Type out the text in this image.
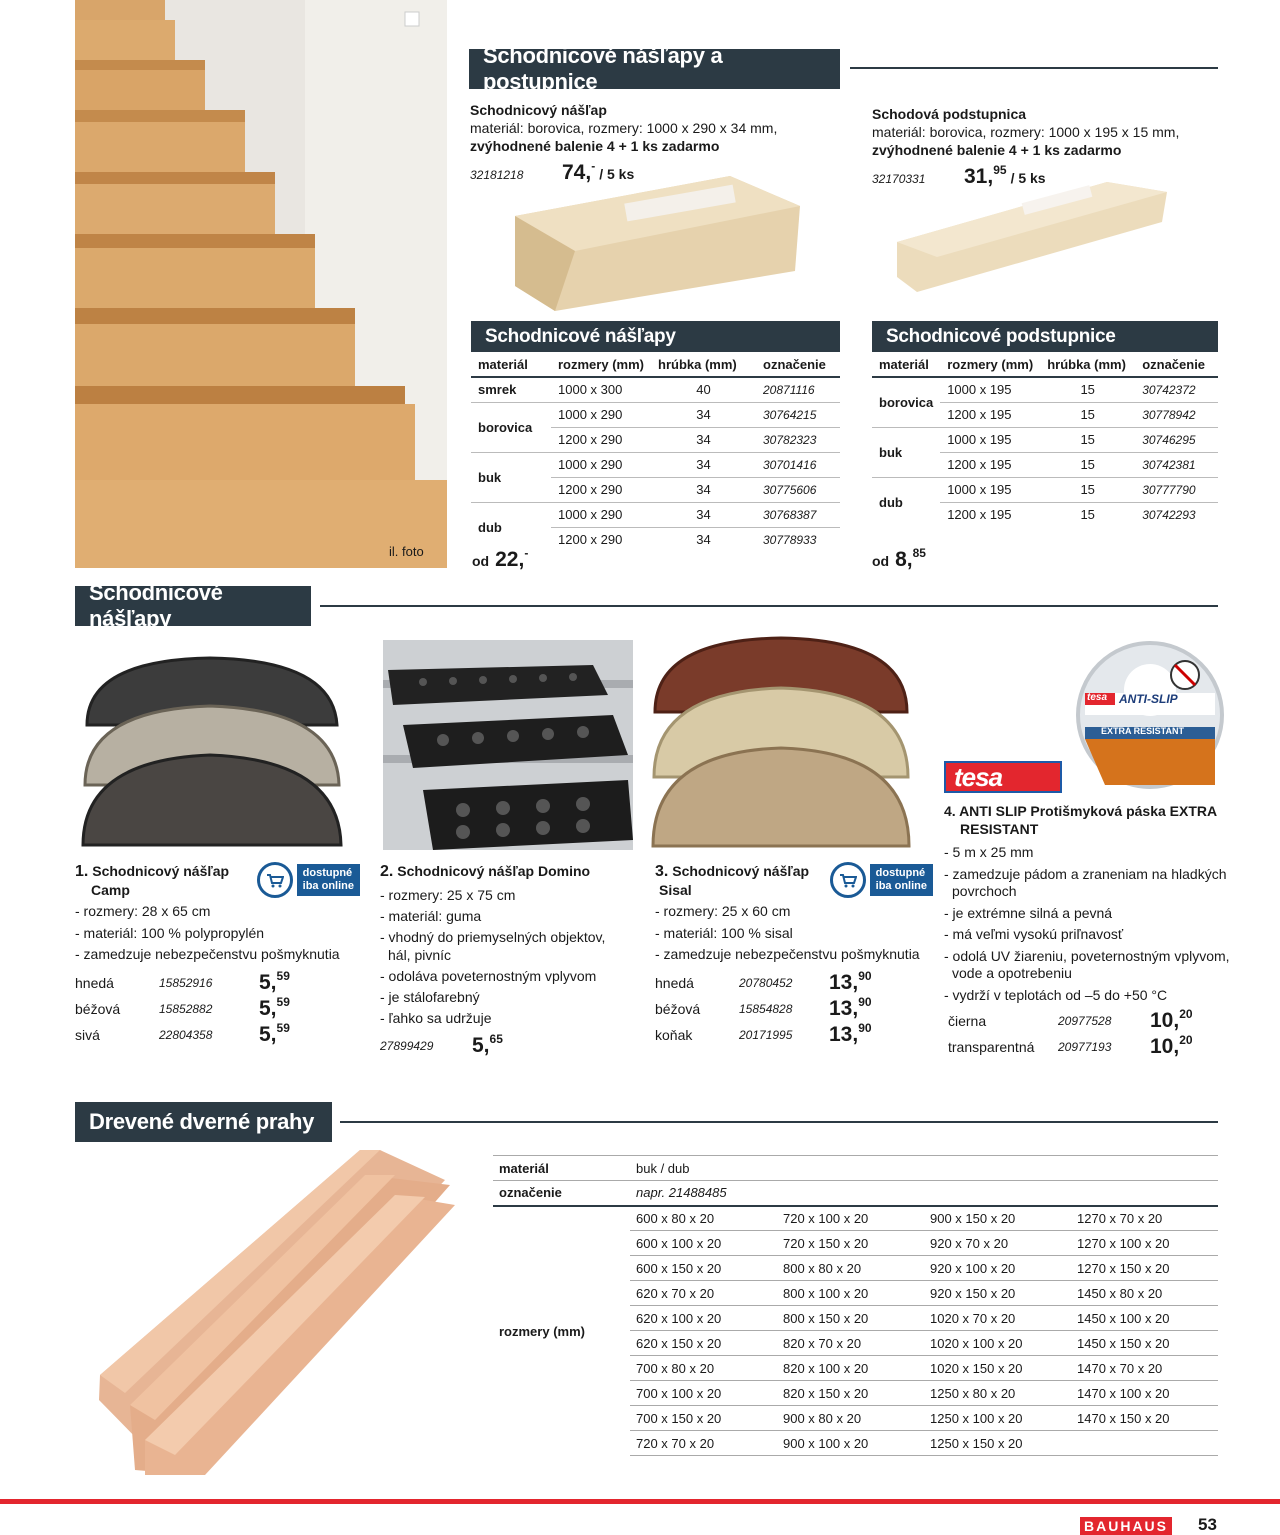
il. foto
Schodnicové nášľapy a postupnice
Schodnicový nášľap
materiál: borovica, rozmery: 1000 x 290 x 34 mm,
zvýhodnené balenie 4 + 1 ks zadarmo
32181218	74,- / 5 ks
Schodová podstupnica
materiál: borovica, rozmery: 1000 x 195 x 15 mm,
zvýhodnené balenie 4 + 1 ks zadarmo
32170331	31,95 / 5 ks
Schodnicové nášľapy
materiál	rozmery (mm)	hrúbka (mm)	označenie
smrek	1000 x 300	40	20871116
borovica	1000 x 290	34	30764215
	1200 x 290	34	30782323
buk	1000 x 290	34	30701416
	1200 x 290	34	30775606
dub	1000 x 290	34	30768387
	1200 x 290	34	30778933
od 22,-
Schodnicové podstupnice
materiál	rozmery (mm)	hrúbka (mm)	označenie
borovica	1000 x 195	15	30742372
	1200 x 195	15	30778942
buk	1000 x 195	15	30746295
	1200 x 195	15	30742381
dub	1000 x 195	15	30777790
	1200 x 195	15	30742293
od 8,85
Schodnicové nášľapy
tesa ANTI-SLIP
EXTRA RESISTANT
tesa
1. Schodnicový nášľap
Camp
dostupné
iba online
- rozmery: 28 x 65 cm
- materiál: 100 % polypropylén
- zamedzuje nebezpečenstvu pošmyknutia
hnedá	15852916	5,59
béžová	15852882	5,59
sivá	22804358	5,59
2. Schodnicový nášľap Domino
- rozmery: 25 x 75 cm
- materiál: guma
- vhodný do priemyselných objektov,
hál, pivníc
- odoláva poveternostným vplyvom
- je stálofarebný
- ľahko sa udržuje
27899429	5,65
3. Schodnicový nášľap
Sisal
dostupné
iba online
- rozmery: 25 x 60 cm
- materiál: 100 % sisal
- zamedzuje nebezpečenstvu pošmyknutia
hnedá	20780452	13,90
béžová	15854828	13,90
koňak	20171995	13,90
4. ANTI SLIP Protišmyková páska EXTRA
RESISTANT
- 5 m x 25 mm
- zamedzuje pádom a zraneniam na hladkých
povrchoch
- je extrémne silná a pevná
- má veľmi vysokú priľnavosť
- odolá UV žiareniu, poveternostným vplyvom,
vode a opotrebeniu
- vydrží v teplotách od –5 do +50 °C
čierna	20977528	10,20
transparentná	20977193	10,20
Drevené dverné prahy
materiál	buk / dub			
označenie	napr. 21488485			
rozmery (mm)	600 x 80 x 20	720 x 100 x 20	900 x 150 x 20	1270 x 70 x 20
	600 x 100 x 20	720 x 150 x 20	920 x 70 x 20	1270 x 100 x 20
	600 x 150 x 20	800 x 80 x 20	920 x 100 x 20	1270 x 150 x 20
	620 x 70 x 20	800 x 100 x 20	920 x 150 x 20	1450 x 80 x 20
	620 x 100 x 20	800 x 150 x 20	1020 x 70 x 20	1450 x 100 x 20
	620 x 150 x 20	820 x 70 x 20	1020 x 100 x 20	1450 x 150 x 20
	700 x 80 x 20	820 x 100 x 20	1020 x 150 x 20	1470 x 70 x 20
	700 x 100 x 20	820 x 150 x 20	1250 x 80 x 20	1470 x 100 x 20
	700 x 150 x 20	900 x 80 x 20	1250 x 100 x 20	1470 x 150 x 20
	720 x 70 x 20	900 x 100 x 20	1250 x 150 x 20	
BAUHAUS 53
